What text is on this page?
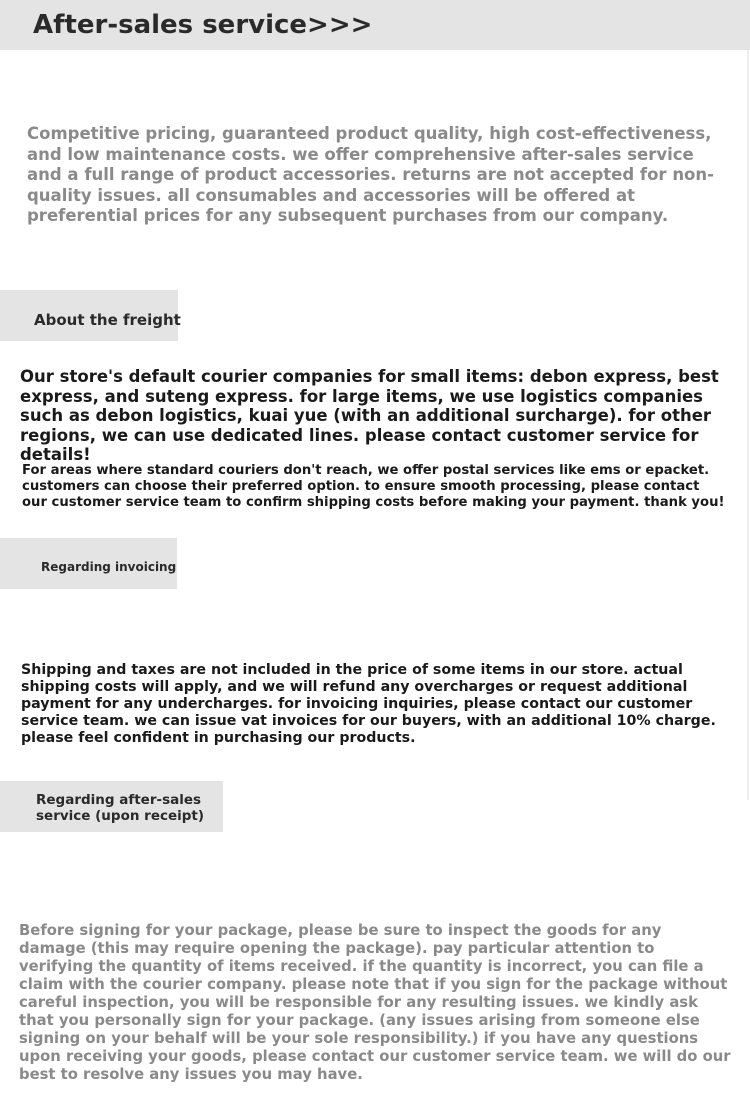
After-sales service>>>

Competitive pricing, guaranteed product quality, high cost-effectiveness, and low maintenance costs. we offer comprehensive after-sales service and a full range of product accessories. returns are not accepted for non-quality issues. all consumables and accessories will be offered at preferential prices for any subsequent purchases from our company.

About the freight

Our store's default courier companies for small items: debon express, best express, and suteng express. for large items, we use logistics companies such as debon logistics, kuai yue (with an additional surcharge). for other regions, we can use dedicated lines. please contact customer service for details!

For areas where standard couriers don't reach, we offer postal services like ems or epacket. customers can choose their preferred option. to ensure smooth processing, please contact our customer service team to confirm shipping costs before making your payment. thank you!

Regarding invoicing

Shipping and taxes are not included in the price of some items in our store. actual shipping costs will apply, and we will refund any overcharges or request additional payment for any undercharges. for invoicing inquiries, please contact our customer service team. we can issue vat invoices for our buyers, with an additional 10% charge. please feel confident in purchasing our products.

Regarding after-sales service (upon receipt)

Before signing for your package, please be sure to inspect the goods for any damage (this may require opening the package). pay particular attention to verifying the quantity of items received. if the quantity is incorrect, you can file a claim with the courier company. please note that if you sign for the package without careful inspection, you will be responsible for any resulting issues. we kindly ask that you personally sign for your package. (any issues arising from someone else signing on your behalf will be your sole responsibility.) if you have any questions upon receiving your goods, please contact our customer service team. we will do our best to resolve any issues you may have.
